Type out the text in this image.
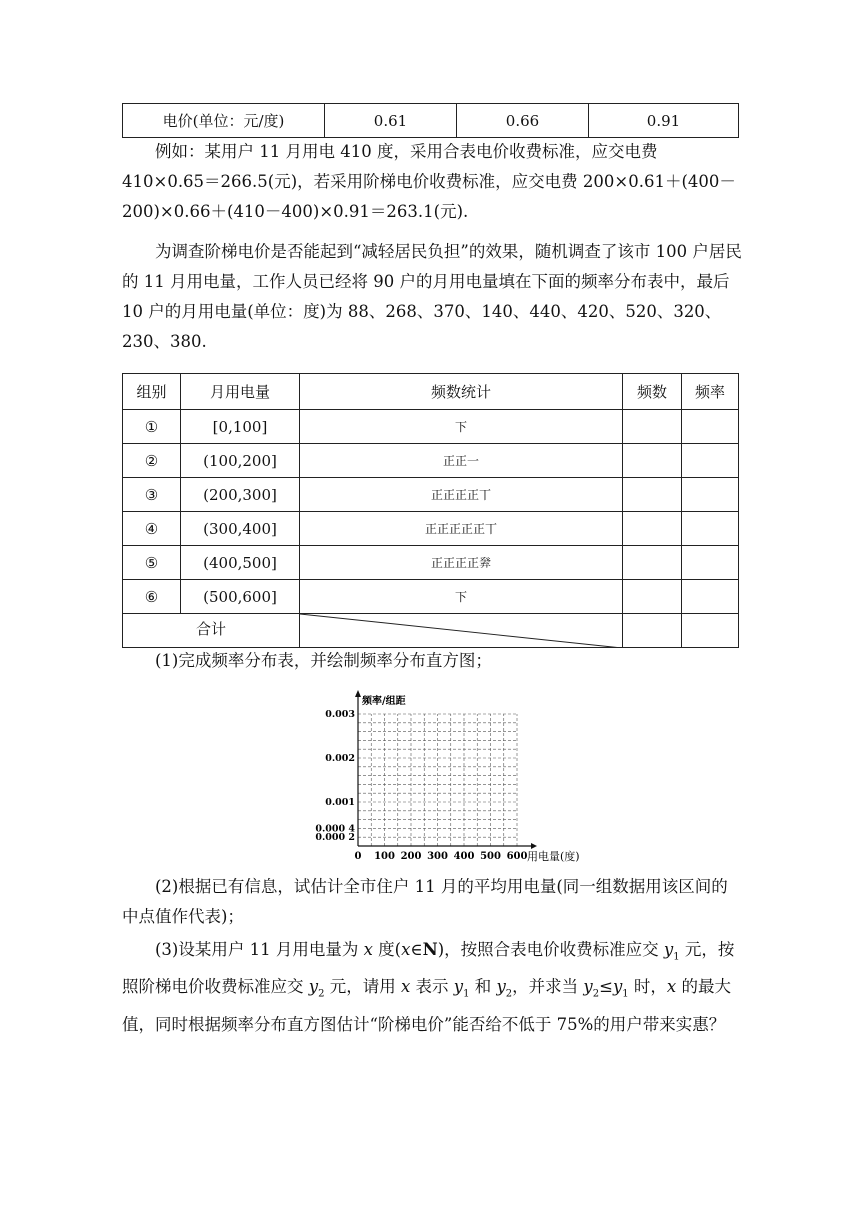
电价(单位：元/度)	0.61	0.66	0.91

例如：某用户 11 月用电 410 度，采用合表电价收费标准，应交电费 410×0.65＝266.5(元)，若采用阶梯电价收费标准，应交电费 200×0.61＋(400－200)×0.66＋(410－400)×0.91＝263.1(元).

为调查阶梯电价是否能起到“减轻居民负担”的效果，随机调查了该市 100 户居民的 11 月用电量，工作人员已经将 90 户的月用电量填在下面的频率分布表中，最后 10 户的月用电量(单位：度)为 88、268、370、140、440、420、520、320、230、380.

组别	月用电量	频数统计	频数	频率
①	[0,100]	下		
②	(100,200]	正正一		
③	(200,300]	正正正正丅		
④	(300,400]	正正正正正丅		
⑤	(400,500]	正正正正𤼴		
⑥	(500,600]	下		
合计	

(1)完成频率分布表，并绘制频率分布直方图；

0.003
0.002
0.001
0.000 4
0.000 2
0 100 200 300 400 500 600
频率/组距
用电量(度)

(2)根据已有信息，试估计全市住户 11 月的平均用电量(同一组数据用该区间的中点值作代表)；

(3)设某用户 11 月用电量为 x 度(x∈N)，按照合表电价收费标准应交 $y_1$ 元，按照阶梯电价收费标准应交 $y_2$ 元，请用 x 表示 $y_1$ 和 $y_2$，并求当 $y_2\le y_1$ 时，x 的最大值，同时根据频率分布直方图估计“阶梯电价”能否给不低于 75%的用户带来实惠？
